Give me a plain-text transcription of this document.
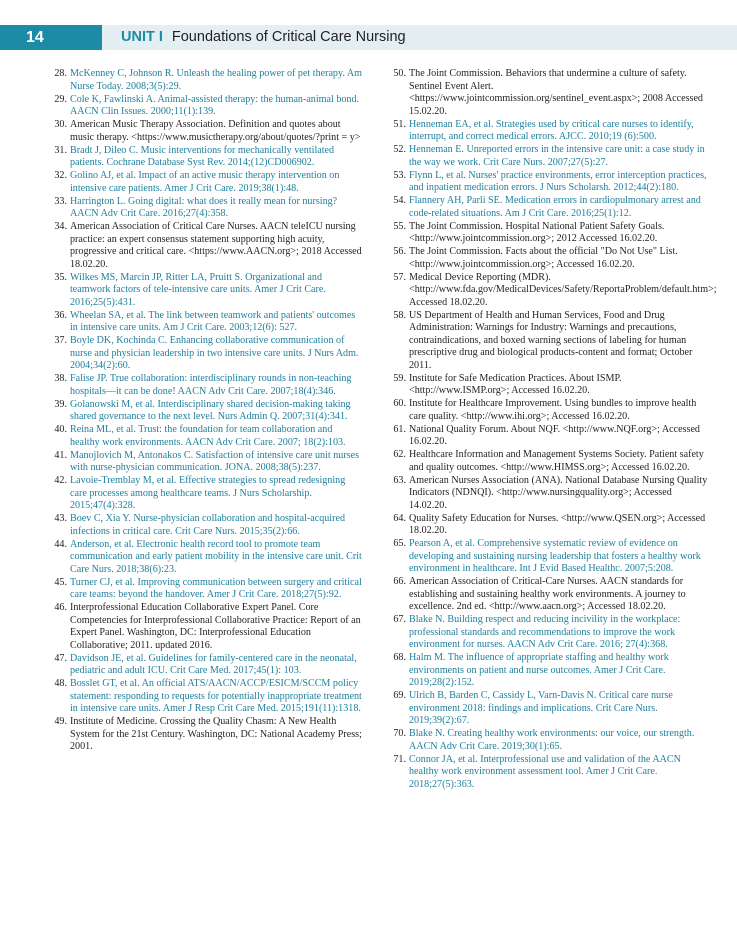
14	UNIT I Foundations of Critical Care Nursing

28. McKenney C, Johnson R. Unleash the healing power of pet therapy. Am Nurse Today. 2008;3(5):29.

29. Cole K, Fawlinski A. Animal-assisted therapy: the human-animal bond. AACN Clin Issues. 2000;11(1):139.

30. American Music Therapy Association. Definition and quotes about music therapy. <https://www.musictherapy.org/about/quotes/?print = y>

31. Bradt J, Dileo C. Music interventions for mechanically ventilated patients. Cochrane Database Syst Rev. 2014;(12)CD006902.

32. Golino AJ, et al. Impact of an active music therapy intervention on intensive care patients. Amer J Crit Care. 2019;38(1):48.

33. Harrington L. Going digital: what does it really mean for nursing? AACN Adv Crit Care. 2016;27(4):358.

34. American Association of Critical Care Nurses. AACN teleICU nursing practice: an expert consensus statement supporting high acuity, progressive and critical care. <https://www.AACN.org>; 2018 Accessed 18.02.20.

35. Wilkes MS, Marcin JP, Ritter LA, Pruitt S. Organizational and teamwork factors of tele-intensive care units. Amer J Crit Care. 2016;25(5):431.

36. Wheelan SA, et al. The link between teamwork and patients' outcomes in intensive care units. Am J Crit Care. 2003;12(6): 527.

37. Boyle DK, Kochinda C. Enhancing collaborative communication of nurse and physician leadership in two intensive care units. J Nurs Adm. 2004;34(2):60.

38. Falise JP. True collaboration: interdisciplinary rounds in non-teaching hospitals—it can be done! AACN Adv Crit Care. 2007;18(4):346.

39. Golanowski M, et al. Interdisciplinary shared decision-making taking shared governance to the next level. Nurs Admin Q. 2007;31(4):341.

40. Reina ML, et al. Trust: the foundation for team collaboration and healthy work environments. AACN Adv Crit Care. 2007; 18(2):103.

41. Manojlovich M, Antonakos C. Satisfaction of intensive care unit nurses with nurse-physician communication. JONA. 2008;38(5):237.

42. Lavoie-Tremblay M, et al. Effective strategies to spread redesigning care processes among healthcare teams. J Nurs Scholarship. 2015;47(4):328.

43. Boev C, Xia Y. Nurse-physician collaboration and hospital-acquired infections in critical care. Crit Care Nurs. 2015;35(2):66.

44. Anderson, et al. Electronic health record tool to promote team communication and early patient mobility in the intensive care unit. Crit Care Nurs. 2018;38(6):23.

45. Turner CJ, et al. Improving communication between surgery and critical care teams: beyond the handover. Amer J Crit Care. 2018;27(5):92.

46. Interprofessional Education Collaborative Expert Panel. Core Competencies for Interprofessional Collaborative Practice: Report of an Expert Panel. Washington, DC: Interprofessional Education Collaborative; 2011. updated 2016.

47. Davidson JE, et al. Guidelines for family-centered care in the neonatal, pediatric and adult ICU. Crit Care Med. 2017;45(1): 103.

48. Bosslet GT, et al. An official ATS/AACN/ACCP/ESICM/SCCM policy statement: responding to requests for potentially inappropriate treatment in intensive care units. Amer J Resp Crit Care Med. 2015;191(11):1318.

49. Institute of Medicine. Crossing the Quality Chasm: A New Health System for the 21st Century. Washington, DC: National Academy Press; 2001.

50. The Joint Commission. Behaviors that undermine a culture of safety. Sentinel Event Alert. <https://www.jointcommission.org/sentinel_event.aspx>; 2008 Accessed 15.02.20.

51. Henneman EA, et al. Strategies used by critical care nurses to identify, interrupt, and correct medical errors. AJCC. 2010;19 (6):500.

52. Henneman E. Unreported errors in the intensive care unit: a case study in the way we work. Crit Care Nurs. 2007;27(5):27.

53. Flynn L, et al. Nurses' practice environments, error interception practices, and inpatient medication errors. J Nurs Scholarsh. 2012;44(2):180.

54. Flannery AH, Parli SE. Medication errors in cardiopulmonary arrest and code-related situations. Am J Crit Care. 2016;25(1):12.

55. The Joint Commission. Hospital National Patient Safety Goals. <http://www.jointcommission.org>; 2012 Accessed 16.02.20.

56. The Joint Commission. Facts about the official "Do Not Use" List. <http://www.jointcommission.org>; Accessed 16.02.20.

57. Medical Device Reporting (MDR). <http://www.fda.gov/MedicalDevices/Safety/ReportaProblem/default.htm>; Accessed 18.02.20.

58. US Department of Health and Human Services, Food and Drug Administration: Warnings for Industry: Warnings and precautions, contraindications, and boxed warning sections of labeling for human prescriptive drug and biological products-content and format; October 2011.

59. Institute for Safe Medication Practices. About ISMP. <http://www.ISMP.org>; Accessed 16.02.20.

60. Institute for Healthcare Improvement. Using bundles to improve health care quality. <http://www.ihi.org>; Accessed 16.02.20.

61. National Quality Forum. About NQF. <http://www.NQF.org>; Accessed 16.02.20.

62. Healthcare Information and Management Systems Society. Patient safety and quality outcomes. <http://www.HIMSS.org>; Accessed 16.02.20.

63. American Nurses Association (ANA). National Database Nursing Quality Indicators (NDNQI). <http://www.nursingquality.org>; Accessed 14.02.20.

64. Quality Safety Education for Nurses. <http://www.QSEN.org>; Accessed 18.02.20.

65. Pearson A, et al. Comprehensive systematic review of evidence on developing and sustaining nursing leadership that fosters a healthy work environment in healthcare. Int J Evid Based Healthc. 2007;5:208.

66. American Association of Critical-Care Nurses. AACN standards for establishing and sustaining healthy work environments. A journey to excellence. 2nd ed. <http://www.aacn.org>; Accessed 18.02.20.

67. Blake N. Building respect and reducing incivility in the workplace: professional standards and recommendations to improve the work environment for nurses. AACN Adv Crit Care. 2016; 27(4):368.

68. Halm M. The influence of appropriate staffing and healthy work environments on patient and nurse outcomes. Amer J Crit Care. 2019;28(2):152.

69. Ulrich B, Barden C, Cassidy L, Varn-Davis N. Critical care nurse environment 2018: findings and implications. Crit Care Nurs. 2019;39(2):67.

70. Blake N. Creating healthy work environments: our voice, our strength. AACN Adv Crit Care. 2019;30(1):65.

71. Connor JA, et al. Interprofessional use and validation of the AACN healthy work environment assessment tool. Amer J Crit Care. 2018;27(5):363.
